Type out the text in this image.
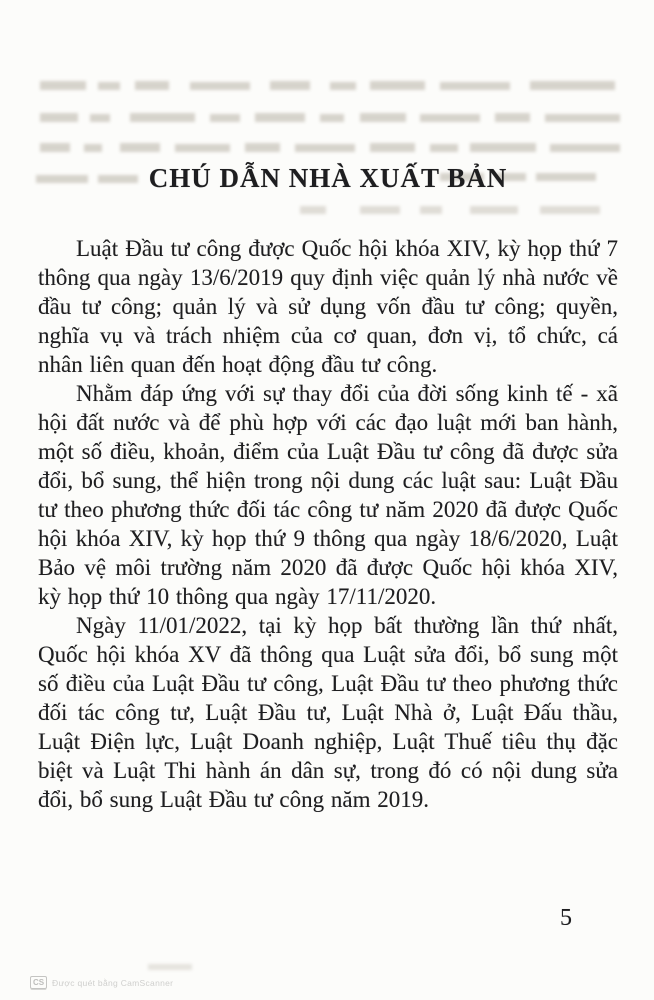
CHÚ DẪN NHÀ XUẤT BẢN

Luật Đầu tư công được Quốc hội khóa XIV, kỳ họp thứ 7 thông qua ngày 13/6/2019 quy định việc quản lý nhà nước về đầu tư công; quản lý và sử dụng vốn đầu tư công; quyền, nghĩa vụ và trách nhiệm của cơ quan, đơn vị, tổ chức, cá nhân liên quan đến hoạt động đầu tư công.

Nhằm đáp ứng với sự thay đổi của đời sống kinh tế - xã hội đất nước và để phù hợp với các đạo luật mới ban hành, một số điều, khoản, điểm của Luật Đầu tư công đã được sửa đổi, bổ sung, thể hiện trong nội dung các luật sau: Luật Đầu tư theo phương thức đối tác công tư năm 2020 đã được Quốc hội khóa XIV, kỳ họp thứ 9 thông qua ngày 18/6/2020, Luật Bảo vệ môi trường năm 2020 đã được Quốc hội khóa XIV, kỳ họp thứ 10 thông qua ngày 17/11/2020.

Ngày 11/01/2022, tại kỳ họp bất thường lần thứ nhất, Quốc hội khóa XV đã thông qua Luật sửa đổi, bổ sung một số điều của Luật Đầu tư công, Luật Đầu tư theo phương thức đối tác công tư, Luật Đầu tư, Luật Nhà ở, Luật Đấu thầu, Luật Điện lực, Luật Doanh nghiệp, Luật Thuế tiêu thụ đặc biệt và Luật Thi hành án dân sự, trong đó có nội dung sửa đổi, bổ sung Luật Đầu tư công năm 2019.

5
CS Được quét bằng CamScanner
